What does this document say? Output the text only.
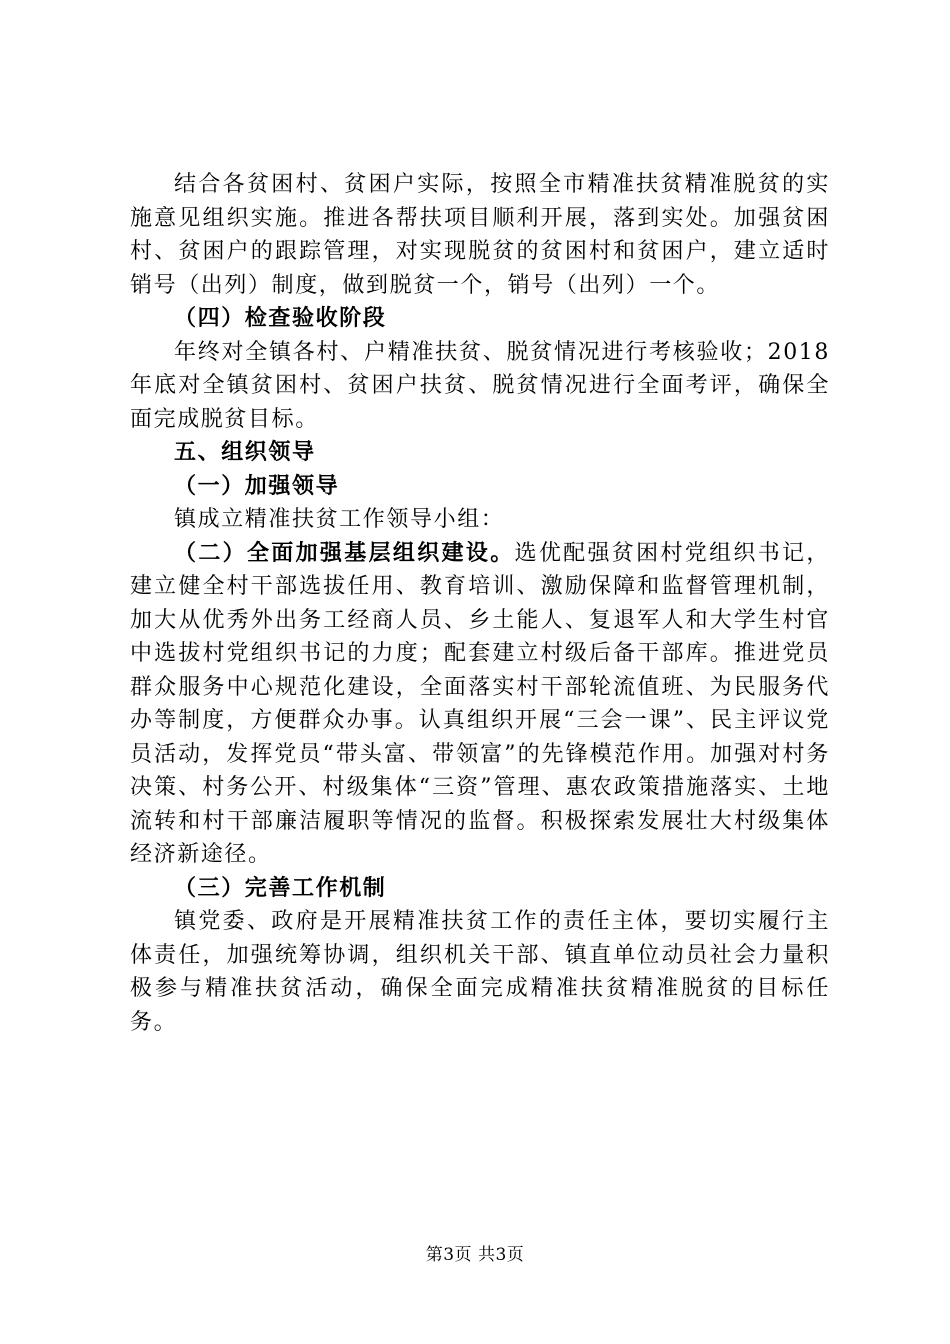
结合各贫困村、贫困户实际，按照全市精准扶贫精准脱贫的实施意见组织实施。推进各帮扶项目顺利开展，落到实处。加强贫困村、贫困户的跟踪管理，对实现脱贫的贫困村和贫困户，建立适时销号（出列）制度，做到脱贫一个，销号（出列）一个。

（四）检查验收阶段

年终对全镇各村、户精准扶贫、脱贫情况进行考核验收；2018年底对全镇贫困村、贫困户扶贫、脱贫情况进行全面考评，确保全面完成脱贫目标。

五、组织领导

（一）加强领导

镇成立精准扶贫工作领导小组：

（二）全面加强基层组织建设。选优配强贫困村党组织书记，建立健全村干部选拔任用、教育培训、激励保障和监督管理机制，加大从优秀外出务工经商人员、乡土能人、复退军人和大学生村官中选拔村党组织书记的力度；配套建立村级后备干部库。推进党员群众服务中心规范化建设，全面落实村干部轮流值班、为民服务代办等制度，方便群众办事。认真组织开展“三会一课”、民主评议党员活动，发挥党员“带头富、带领富”的先锋模范作用。加强对村务决策、村务公开、村级集体“三资”管理、惠农政策措施落实、土地流转和村干部廉洁履职等情况的监督。积极探索发展壮大村级集体经济新途径。

（三）完善工作机制

镇党委、政府是开展精准扶贫工作的责任主体，要切实履行主体责任，加强统筹协调，组织机关干部、镇直单位动员社会力量积极参与精准扶贫活动，确保全面完成精准扶贫精准脱贫的目标任务。

第3页 共3页
